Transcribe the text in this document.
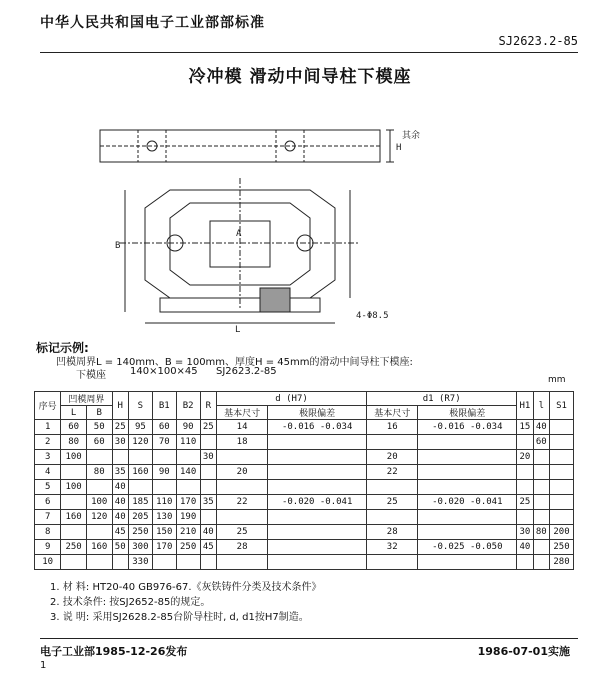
中华人民共和国电子工业部部标准
SJ2623.2-85
冷冲模 滑动中间导柱下模座
其余
B
L
A
H
4-Φ8.5
标记示例:
凹模周界L = 140mm、B = 100mm、厚度H = 45mm的滑动中间导柱下模座:
下模座 140×100×45 SJ2623.2-85
mm
序号	凹模周界		H	S	B1	B2	R	d (H7)		d1 (R7)		H1	l	S1
	L	B						基本尺寸	极限偏差	基本尺寸	极限偏差			
1	60	50	25	95	60	90	25	14	-0.016 -0.034	16	-0.016 -0.034	15	40	
2	80	60	30	120	70	110		18					60	
3	100						30			20		20		
4		80	35	160	90	140		20		22				
5	100		40											
6		100	40	185	110	170	35	22	-0.020 -0.041	25	-0.020 -0.041	25		
7	160	120	40	205	130	190								
8			45	250	150	210	40	25		28		30	80	200
9	250	160	50	300	170	250	45	28		32	-0.025 -0.050	40		250
10				330										280
1. 材 料: HT20-40 GB976-67.《灰铁铸件分类及技术条件》
2. 技术条件: 按SJ2652-85的规定。
3. 说 明: 采用SJ2628.2-85台阶导柱时, d, d1按H7制造。
电子工业部1985-12-26发布	1986-07-01实施
1
